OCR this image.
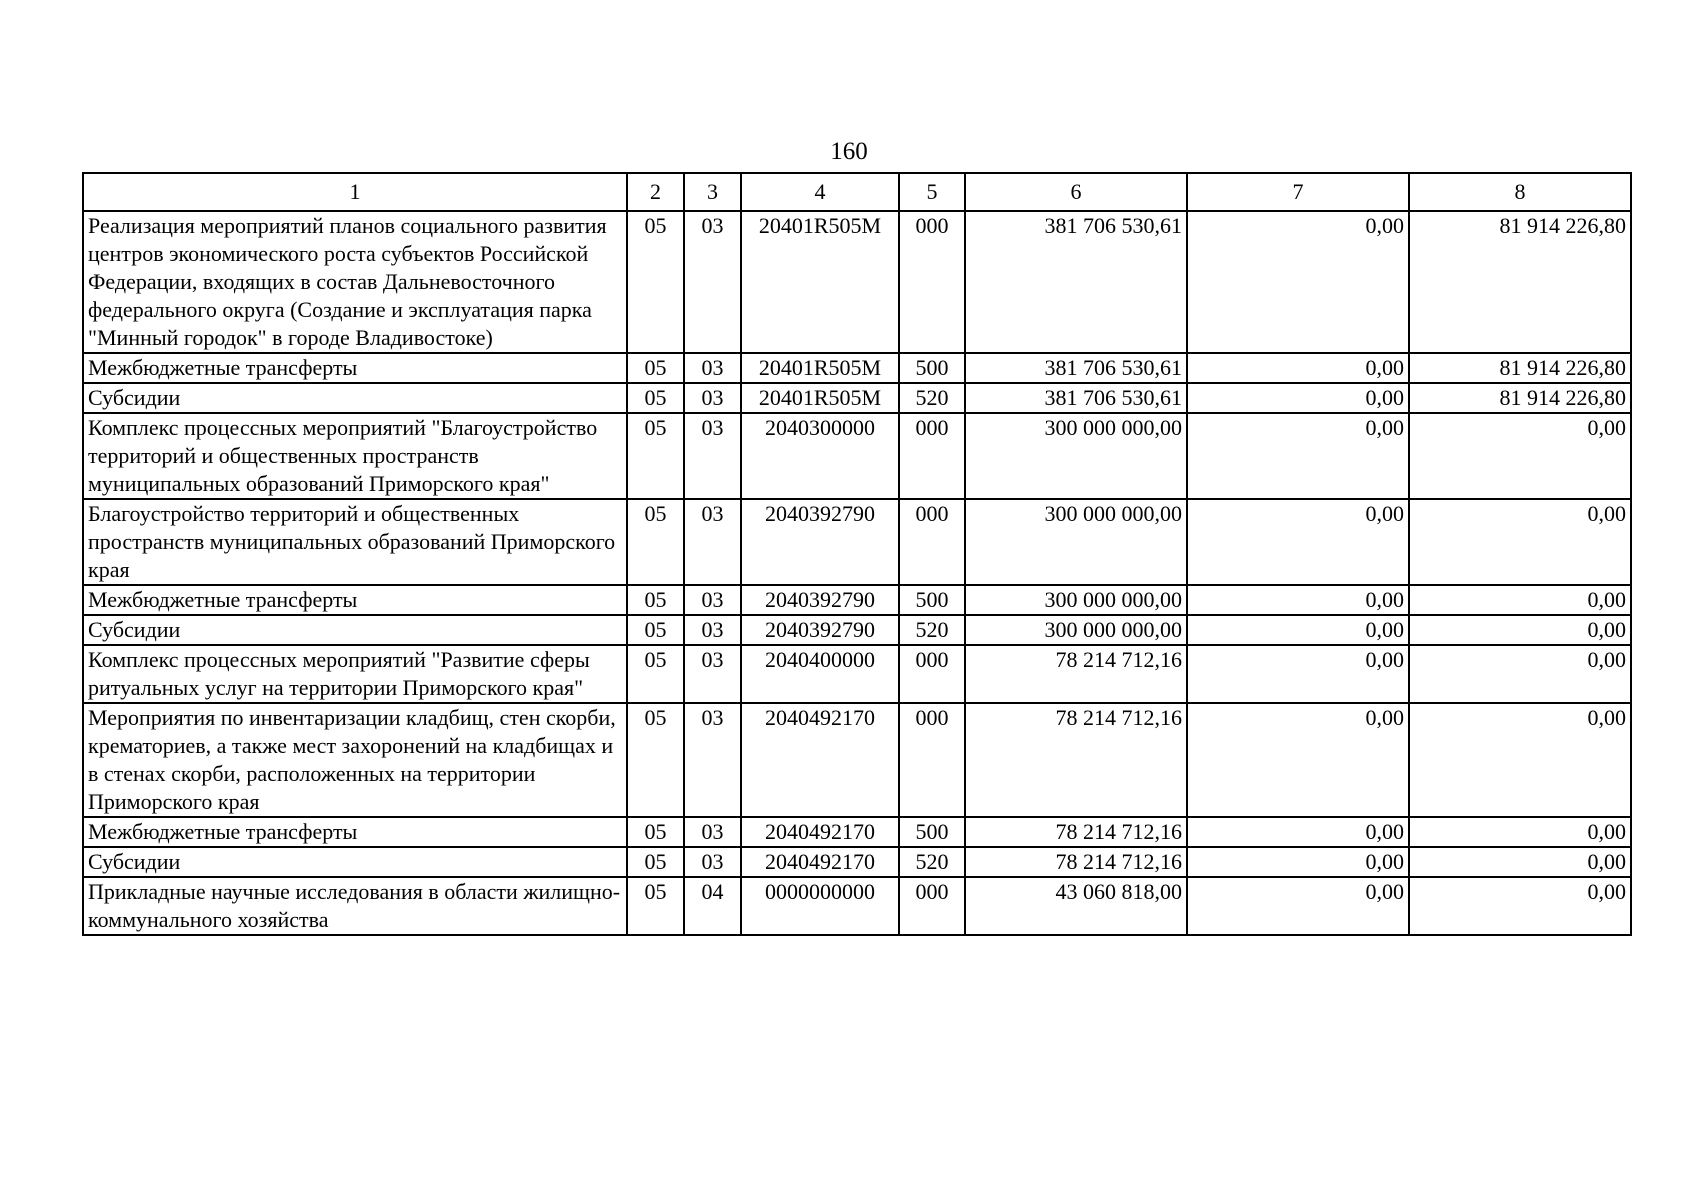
160
1	2	3	4	5	6	7	8
Реализация мероприятий планов социального развития центров экономического роста субъектов Российской Федерации, входящих в состав Дальневосточного федерального округа (Создание и эксплуатация парка "Минный городок" в городе Владивостоке)	05	03	20401R505M	000	381 706 530,61	0,00	81 914 226,80
Межбюджетные трансферты	05	03	20401R505M	500	381 706 530,61	0,00	81 914 226,80
Субсидии	05	03	20401R505M	520	381 706 530,61	0,00	81 914 226,80
Комплекс процессных мероприятий "Благоустройство территорий и общественных пространств муниципальных образований Приморского края"	05	03	2040300000	000	300 000 000,00	0,00	0,00
Благоустройство территорий и общественных пространств муниципальных образований Приморского края	05	03	2040392790	000	300 000 000,00	0,00	0,00
Межбюджетные трансферты	05	03	2040392790	500	300 000 000,00	0,00	0,00
Субсидии	05	03	2040392790	520	300 000 000,00	0,00	0,00
Комплекс процессных мероприятий "Развитие сферы ритуальных услуг на территории Приморского края"	05	03	2040400000	000	78 214 712,16	0,00	0,00
Мероприятия по инвентаризации кладбищ, стен скорби, крематориев, а также мест захоронений на кладбищах и в стенах скорби, расположенных на территории Приморского края	05	03	2040492170	000	78 214 712,16	0,00	0,00
Межбюджетные трансферты	05	03	2040492170	500	78 214 712,16	0,00	0,00
Субсидии	05	03	2040492170	520	78 214 712,16	0,00	0,00
Прикладные научные исследования в области жилищно-коммунального хозяйства	05	04	0000000000	000	43 060 818,00	0,00	0,00
